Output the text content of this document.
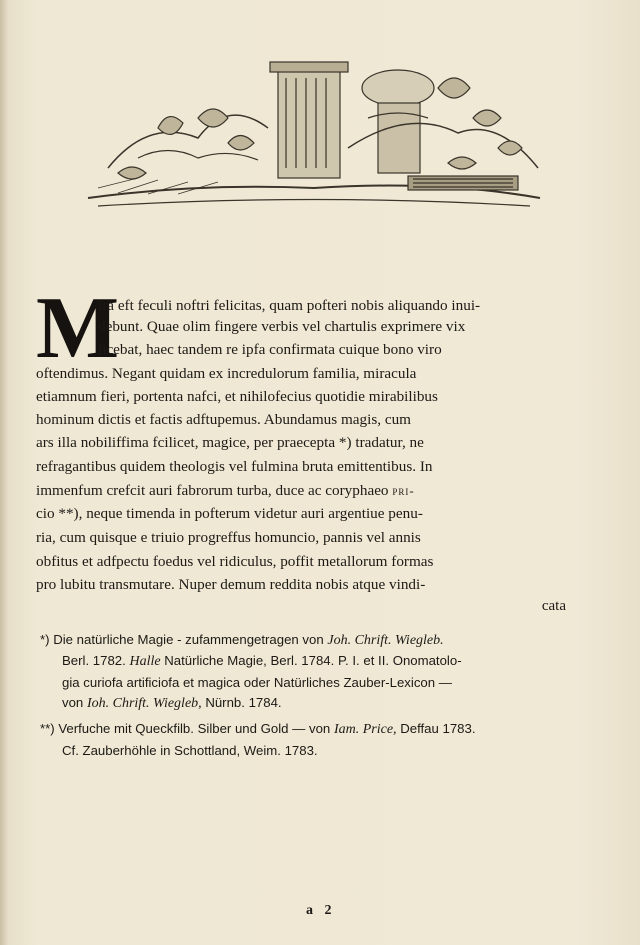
M
ira eft feculi noftri felicitas, quam pofteri nobis aliquando inui-
debunt. Quae olim fingere verbis vel chartulis exprimere vix
licebat, haec tandem re ipfa confirmata cuique bono viro
oftendimus. Negant quidam ex incredulorum familia, miracula
etiamnum fieri, portenta nafci, et nihilofecius quotidie mirabilibus
hominum dictis et factis adftupemus. Abundamus magis, cum
ars illa nobiliffima fcilicet, magice, per praecepta *) tradatur, ne
refragantibus quidem theologis vel fulmina bruta emittentibus. In
immenfum crefcit auri fabrorum turba, duce ac coryphaeo pri-
cio **), neque timenda in pofterum videtur auri argentiue penu-
ria, cum quisque e triuio progreffus homuncio, pannis vel annis
obfitus et adfpectu foedus vel ridiculus, poffit metallorum formas
pro lubitu transmutare. Nuper demum reddita nobis atque vindi-
cata
*) Die natürliche Magie - zufammengetragen von Joh. Chrift. Wiegleb.
Berl. 1782. Halle Natürliche Magie, Berl. 1784. P. I. et II. Onomatolo-
gia curiofa artificiofa et magica oder Natürliches Zauber-Lexicon —
von Ioh. Chrift. Wiegleb, Nürnb. 1784.
**) Verfuche mit Queckfilb. Silber und Gold — von Iam. Price, Deffau 1783.
Cf. Zauberhöhle in Schottland, Weim. 1783.
a 2
